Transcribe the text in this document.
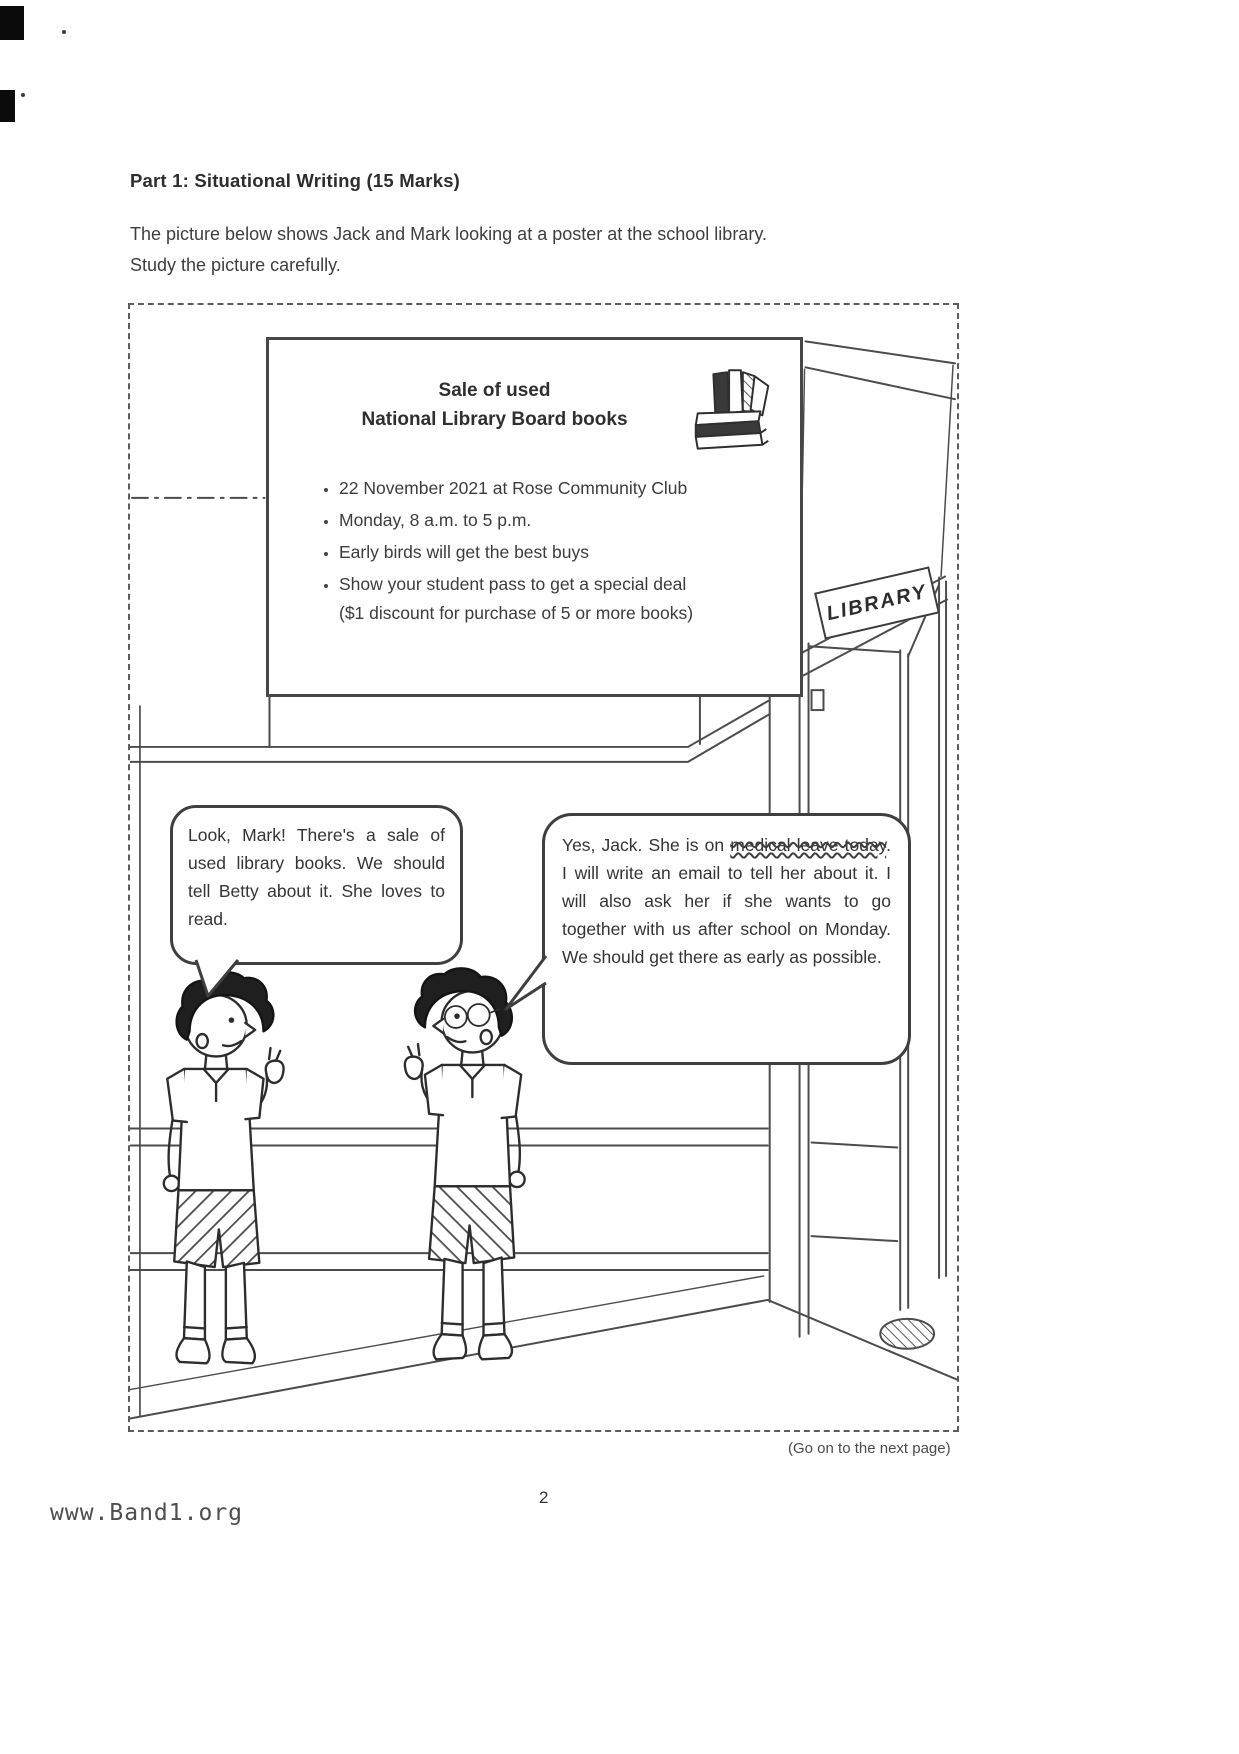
Part 1: Situational Writing (15 Marks)

The picture below shows Jack and Mark looking at a poster at the school library.
Study the picture carefully.

Sale of used
National Library Board books
• 22 November 2021 at Rose Community Club
• Monday, 8 a.m. to 5 p.m.
• Early birds will get the best buys
• Show your student pass to get a special deal ($1 discount for purchase of 5 or more books)	LIBRARY
Look, Mark! There's a sale of used library books. We should tell Betty about it. She loves to read.
Yes, Jack. She is on medical leave today. I will write an email to tell her about it. I will also ask her if she wants to go together with us after school on Monday. We should get there as early as possible.
(Go on to the next page)
2
www.Band1.org
